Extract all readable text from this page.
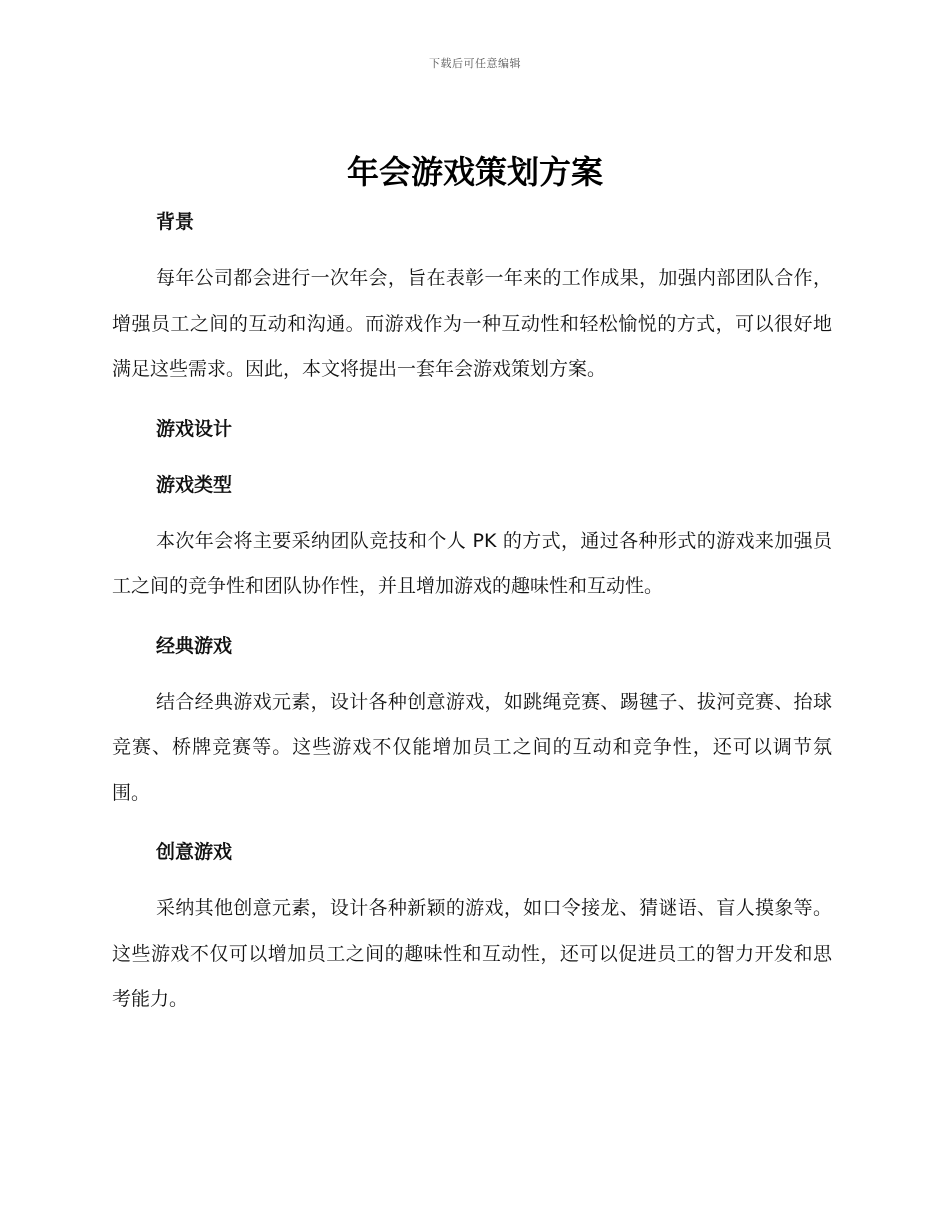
下载后可任意编辑
年会游戏策划方案

背景

每年公司都会进行一次年会，旨在表彰一年来的工作成果，加强内部团队合作，增强员工之间的互动和沟通。而游戏作为一种互动性和轻松愉悦的方式，可以很好地满足这些需求。因此，本文将提出一套年会游戏策划方案。

游戏设计

游戏类型

本次年会将主要采纳团队竞技和个人 PK 的方式，通过各种形式的游戏来加强员工之间的竞争性和团队协作性，并且增加游戏的趣味性和互动性。

经典游戏

结合经典游戏元素，设计各种创意游戏，如跳绳竞赛、踢毽子、拔河竞赛、抬球竞赛、桥牌竞赛等。这些游戏不仅能增加员工之间的互动和竞争性，还可以调节氛围。

创意游戏

采纳其他创意元素，设计各种新颖的游戏，如口令接龙、猜谜语、盲人摸象等。这些游戏不仅可以增加员工之间的趣味性和互动性，还可以促进员工的智力开发和思考能力。
